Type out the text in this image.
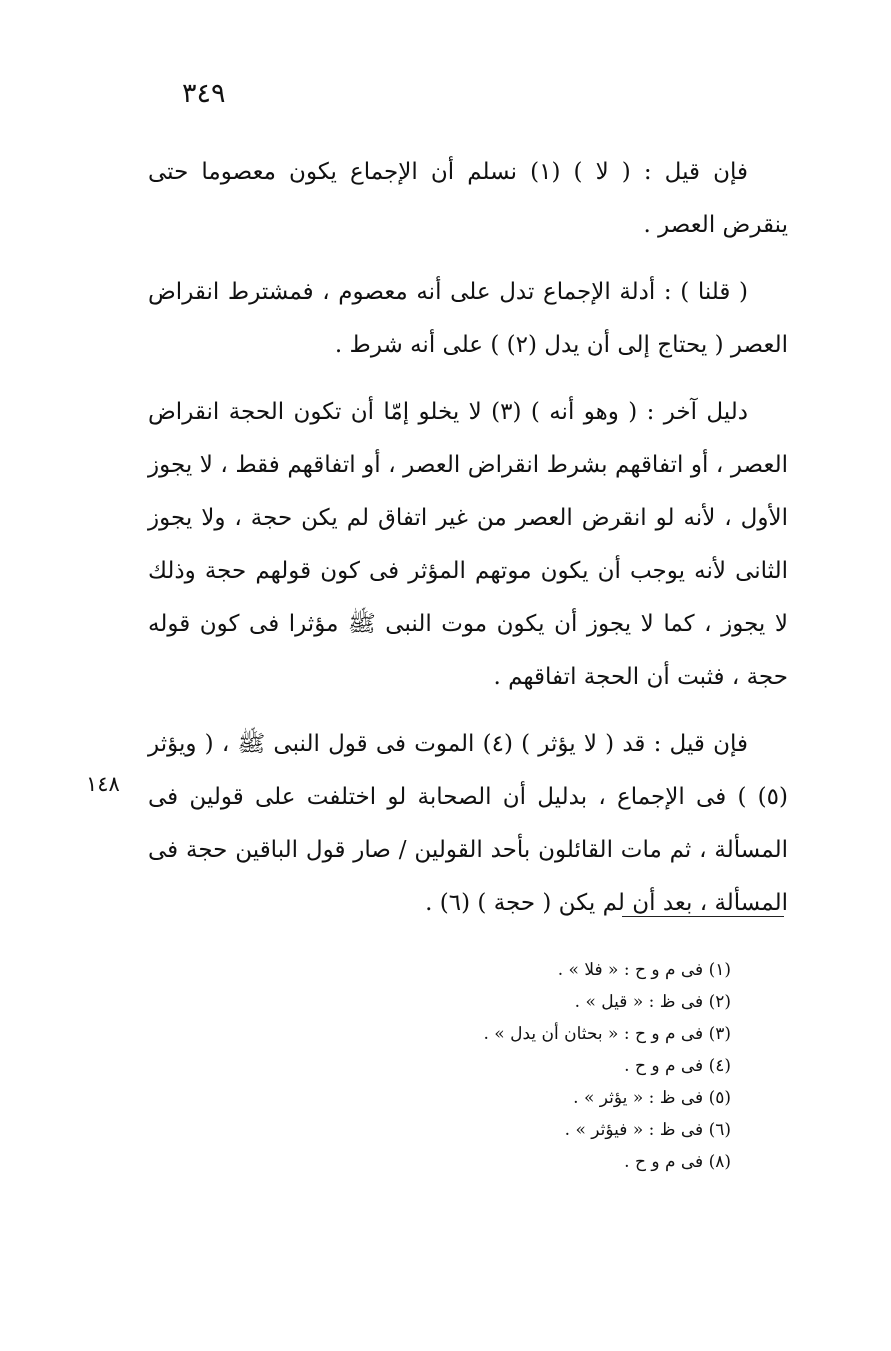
٣٤٩

فإن قيل : ( لا ) (١) نسلم أن الإجماع يكون معصوما حتى ينقرض العصر .

( قلنا ) : أدلة الإجماع تدل على أنه معصوم ، فمشترط انقراض العصر ( يحتاج إلى أن يدل (٢) ) على أنه شرط .

دليل آخر : ( وهو أنه ) (٣) لا يخلو إمّا أن تكون الحجة انقراض العصر ، أو اتفاقهم بشرط انقراض العصر ، أو اتفاقهم فقط ، لا يجوز الأول ، لأنه لو انقرض العصر من غير اتفاق لم يكن حجة ، ولا يجوز الثانى لأنه يوجب أن يكون موتهم المؤثر فى كون قولهم حجة وذلك لا يجوز ، كما لا يجوز أن يكون موت النبى ﷺ مؤثرا فى كون قوله حجة ، فثبت أن الحجة اتفاقهم .

فإن قيل : قد ( لا يؤثر ) (٤) الموت فى قول النبى ﷺ ، ( ويؤثر (٥) ) فى الإجماع ، بدليل أن الصحابة لو اختلفت على قولين فى المسألة ، ثم مات القائلون بأحد القولين / صار قول الباقين حجة فى المسألة ، بعد أن لم يكن ( حجة ) (٦) .

١٤٨
(١) فى م و ح : « فلا » .
(٢) فى ظ : « قيل » .
(٣) فى م و ح : « بحثان أن يدل » .
(٤) فى م و ح .
(٥) فى ظ : « يؤثر » .
(٦) فى ظ : « فيؤثر » .
(٨) فى م و ح .
